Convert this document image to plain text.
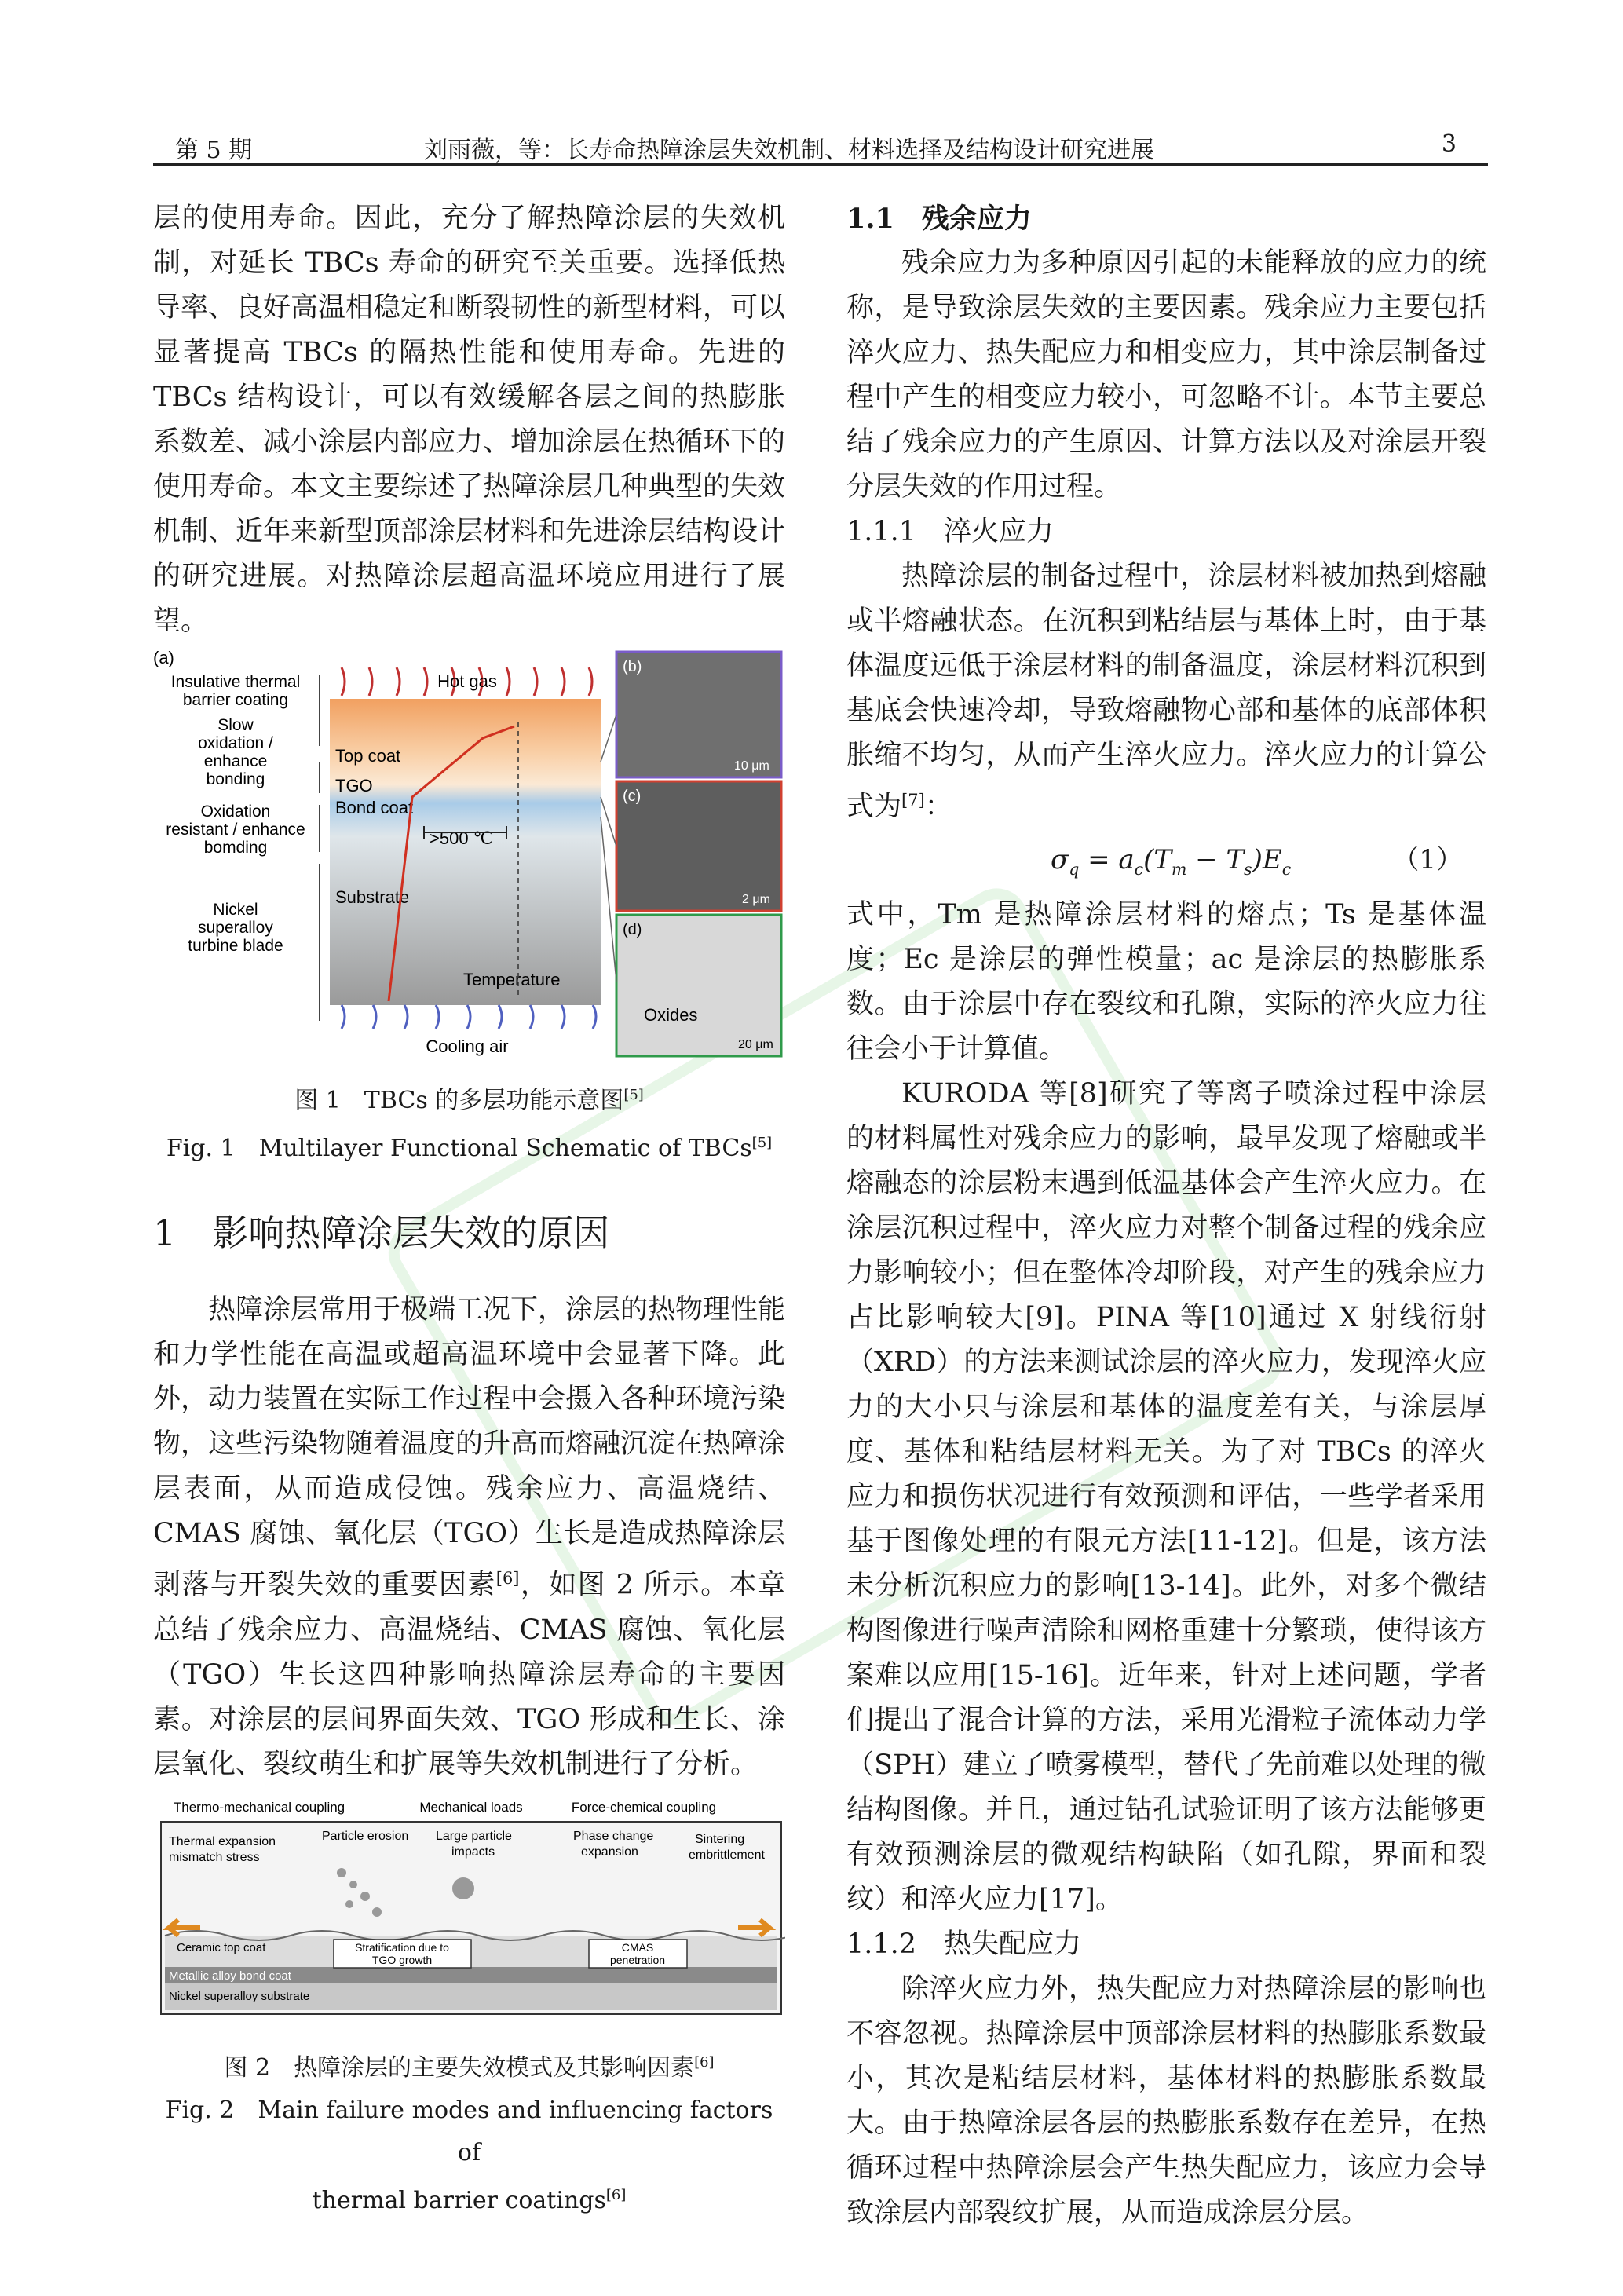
第 5 期	刘雨薇，等：长寿命热障涂层失效机制、材料选择及结构设计研究进展	3

层的使用寿命。因此，充分了解热障涂层的失效机制，对延长 TBCs 寿命的研究至关重要。选择低热导率、良好高温相稳定和断裂韧性的新型材料，可以显著提高 TBCs 的隔热性能和使用寿命。先进的 TBCs 结构设计，可以有效缓解各层之间的热膨胀系数差、减小涂层内部应力、增加涂层在热循环下的使用寿命。本文主要综述了热障涂层几种典型的失效机制、近年来新型顶部涂层材料和先进涂层结构设计的研究进展。对热障涂层超高温环境应用进行了展望。

(a)
Insulative thermal
barrier coating
Slow
oxidation /
enhance
bonding
Oxidation
resistant / enhance
bomding
Nickel
superalloy
turbine blade
Hot gas
Top coat
TGO
Bond coat
>500 ℃
Substrate
Temperature
Cooling air
(b)
10 μm
(c)
2 μm
(d)
Oxides
20 μm
图 1　TBCs 的多层功能示意图[5]
Fig. 1　Multilayer Functional Schematic of TBCs[5]

1　影响热障涂层失效的原因

热障涂层常用于极端工况下，涂层的热物理性能和力学性能在高温或超高温环境中会显著下降。此外，动力装置在实际工作过程中会摄入各种环境污染物，这些污染物随着温度的升高而熔融沉淀在热障涂层表面，从而造成侵蚀。残余应力、高温烧结、CMAS 腐蚀、氧化层（TGO）生长是造成热障涂层剥落与开裂失效的重要因素[6]，如图 2 所示。本章总结了残余应力、高温烧结、CMAS 腐蚀、氧化层（TGO）生长这四种影响热障涂层寿命的主要因素。对涂层的层间界面失效、TGO 形成和生长、涂层氧化、裂纹萌生和扩展等失效机制进行了分析。

Thermo-mechanical coupling	Mechanical loads	Force-chemical coupling
Thermal expansion
mismatch stress
Particle erosion Large particle
impacts
Phase change
expansion
Sintering
embrittlement
Ceramic top coat	Stratification due to
TGO growth
CMAS
penetration
Metallic alloy bond coat
Nickel superalloy substrate
图 2　热障涂层的主要失效模式及其影响因素[6]
Fig. 2　Main failure modes and influencing factors of
thermal barrier coatings[6]

1.1　残余应力

残余应力为多种原因引起的未能释放的应力的统称，是导致涂层失效的主要因素。残余应力主要包括淬火应力、热失配应力和相变应力，其中涂层制备过程中产生的相变应力较小，可忽略不计。本节主要总结了残余应力的产生原因、计算方法以及对涂层开裂分层失效的作用过程。

1.1.1　淬火应力

热障涂层的制备过程中，涂层材料被加热到熔融或半熔融状态。在沉积到粘结层与基体上时，由于基体温度远低于涂层材料的制备温度，涂层材料沉积到基底会快速冷却，导致熔融物心部和基体的底部体积胀缩不均匀，从而产生淬火应力。淬火应力的计算公式为[7]：

$\sigma_q = a_c(T_m - T_s)E_c$	（1）

式中，Tm 是热障涂层材料的熔点；Ts 是基体温度；Ec 是涂层的弹性模量；ac 是涂层的热膨胀系数。由于涂层中存在裂纹和孔隙，实际的淬火应力往往会小于计算值。

KURODA 等[8]研究了等离子喷涂过程中涂层的材料属性对残余应力的影响，最早发现了熔融或半熔融态的涂层粉末遇到低温基体会产生淬火应力。在涂层沉积过程中，淬火应力对整个制备过程的残余应力影响较小；但在整体冷却阶段，对产生的残余应力占比影响较大[9]。PINA 等[10]通过 X 射线衍射（XRD）的方法来测试涂层的淬火应力，发现淬火应力的大小只与涂层和基体的温度差有关，与涂层厚度、基体和粘结层材料无关。为了对 TBCs 的淬火应力和损伤状况进行有效预测和评估，一些学者采用基于图像处理的有限元方法[11-12]。但是，该方法未分析沉积应力的影响[13-14]。此外，对多个微结构图像进行噪声清除和网格重建十分繁琐，使得该方案难以应用[15-16]。近年来，针对上述问题，学者们提出了混合计算的方法，采用光滑粒子流体动力学（SPH）建立了喷雾模型，替代了先前难以处理的微结构图像。并且，通过钻孔试验证明了该方法能够更有效预测涂层的微观结构缺陷（如孔隙，界面和裂纹）和淬火应力[17]。

1.1.2　热失配应力

除淬火应力外，热失配应力对热障涂层的影响也不容忽视。热障涂层中顶部涂层材料的热膨胀系数最小，其次是粘结层材料，基体材料的热膨胀系数最大。由于热障涂层各层的热膨胀系数存在差异，在热循环过程中热障涂层会产生热失配应力，该应力会导致涂层内部裂纹扩展，从而造成涂层分层。
